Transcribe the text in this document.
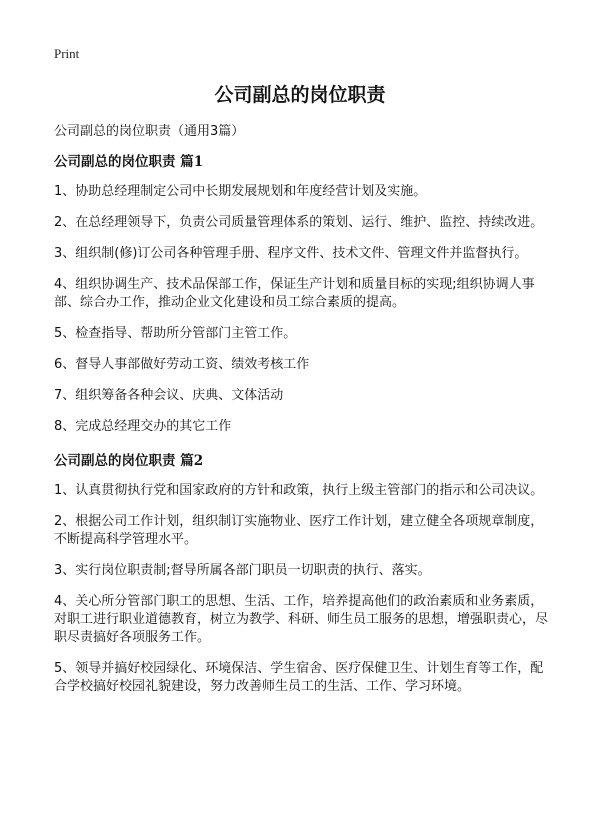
Print
公司副总的岗位职责
公司副总的岗位职责（通用3篇）

公司副总的岗位职责 篇1

1、协助总经理制定公司中长期发展规划和年度经营计划及实施。

2、在总经理领导下，负责公司质量管理体系的策划、运行、维护、监控、持续改进。

3、组织制(修)订公司各种管理手册、程序文件、技术文件、管理文件并监督执行。

4、组织协调生产、技术品保部工作，保证生产计划和质量目标的实现;组织协调人事部、综合办工作，推动企业文化建设和员工综合素质的提高。

5、检查指导、帮助所分管部门主管工作。

6、督导人事部做好劳动工资、绩效考核工作

7、组织筹备各种会议、庆典、文体活动

8、完成总经理交办的其它工作

公司副总的岗位职责 篇2

1、认真贯彻执行党和国家政府的方针和政策，执行上级主管部门的指示和公司决议。

2、根据公司工作计划，组织制订实施物业、医疗工作计划，建立健全各项规章制度，不断提高科学管理水平。

3、实行岗位职责制;督导所属各部门职员一切职责的执行、落实。

4、关心所分管部门职工的思想、生活、工作，培养提高他们的政治素质和业务素质，对职工进行职业道德教育，树立为教学、科研、师生员工服务的思想，增强职责心，尽职尽责搞好各项服务工作。

5、领导并搞好校园绿化、环境保洁、学生宿舍、医疗保健卫生、计划生育等工作，配合学校搞好校园礼貌建设，努力改善师生员工的生活、工作、学习环境。
